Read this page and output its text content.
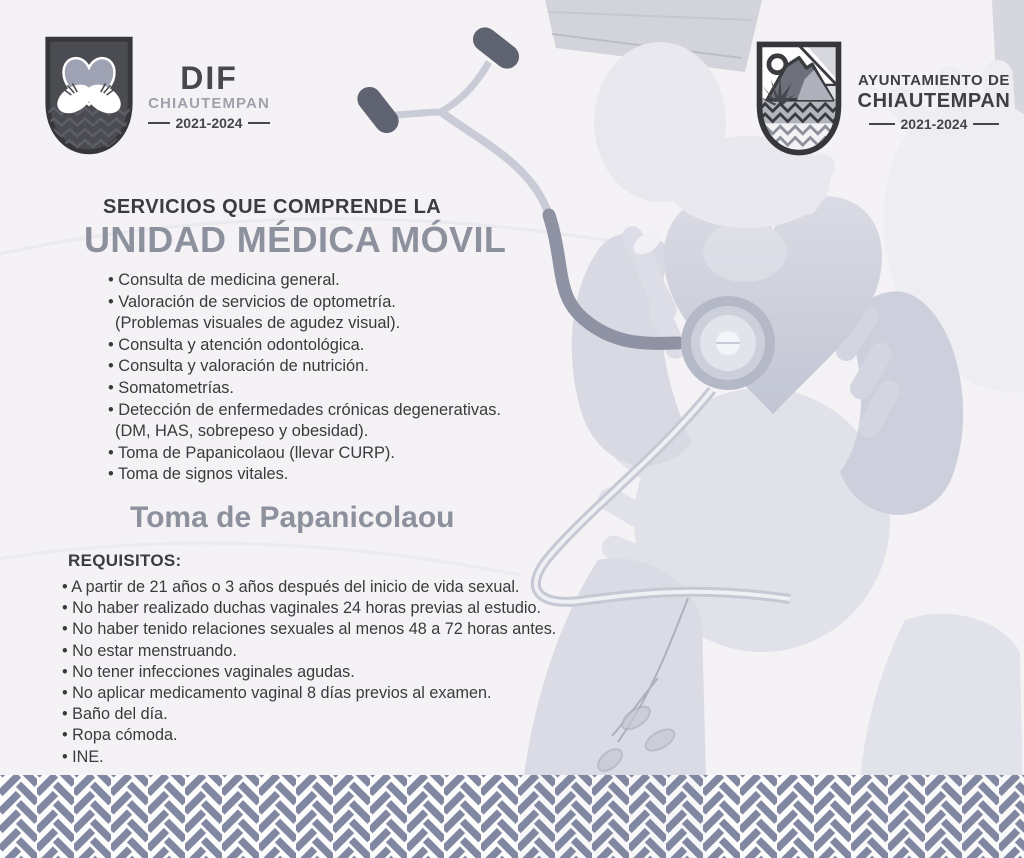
DIF
CHIAUTEMPAN
2021-2024
AYUNTAMIENTO DE
CHIAUTEMPAN
2021-2024
SERVICIOS QUE COMPRENDE LA
UNIDAD MÉDICA MÓVIL
• Consulta de medicina general.
• Valoración de servicios de optometría.
(Problemas visuales de agudez visual).
• Consulta y atención odontológica.
• Consulta y valoración de nutrición.
• Somatometrías.
• Detección de enfermedades crónicas degenerativas.
(DM, HAS, sobrepeso y obesidad).
• Toma de Papanicolaou (llevar CURP).
• Toma de signos vitales.
Toma de Papanicolaou
REQUISITOS:
• A partir de 21 años o 3 años después del inicio de vida sexual.
• No haber realizado duchas vaginales 24 horas previas al estudio.
• No haber tenido relaciones sexuales al menos 48 a 72 horas antes.
• No estar menstruando.
• No tener infecciones vaginales agudas.
• No aplicar medicamento vaginal 8 días previos al examen.
• Baño del día.
• Ropa cómoda.
• INE.
